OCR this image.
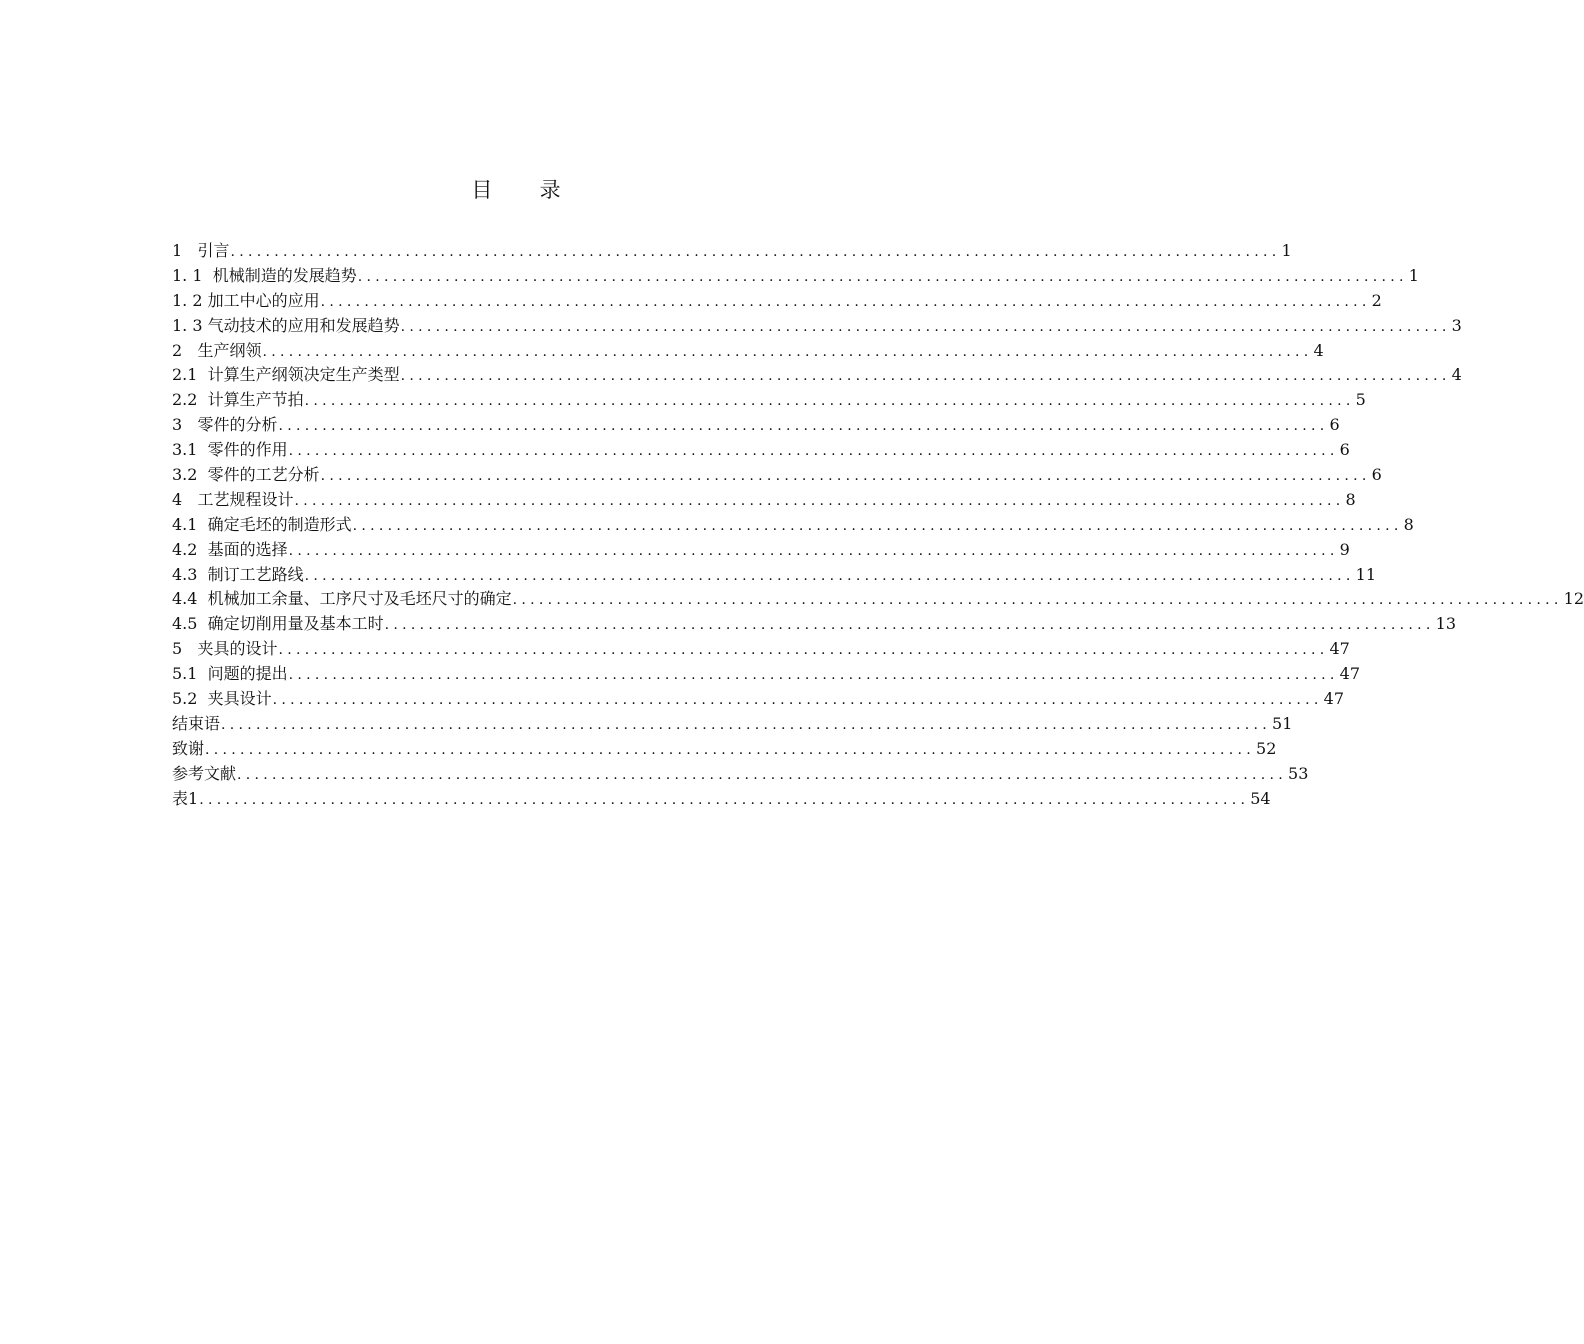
目  录
1   引言 ........................................................................................................................ 1
1. 1  机械制造的发展趋势 ........................................................................................................................ 1
1. 2 加工中心的应用 ........................................................................................................................ 2
1. 3 气动技术的应用和发展趋势 ........................................................................................................................ 3
2   生产纲领 ........................................................................................................................ 4
2.1  计算生产纲领决定生产类型 ........................................................................................................................ 4
2.2  计算生产节拍 ........................................................................................................................ 5
3   零件的分析 ........................................................................................................................ 6
3.1  零件的作用 ........................................................................................................................ 6
3.2  零件的工艺分析 ........................................................................................................................ 6
4   工艺规程设计 ........................................................................................................................ 8
4.1  确定毛坯的制造形式 ........................................................................................................................ 8
4.2  基面的选择 ........................................................................................................................ 9
4.3  制订工艺路线 ........................................................................................................................ 11
4.4  机械加工余量、工序尺寸及毛坯尺寸的确定 ........................................................................................................................ 12
4.5  确定切削用量及基本工时 ........................................................................................................................ 13
5   夹具的设计 ........................................................................................................................ 47
5.1  问题的提出 ........................................................................................................................ 47
5.2  夹具设计 ........................................................................................................................ 47
结束语 ........................................................................................................................ 51
致谢 ........................................................................................................................ 52
参考文献 ........................................................................................................................ 53
表1 ........................................................................................................................ 54
